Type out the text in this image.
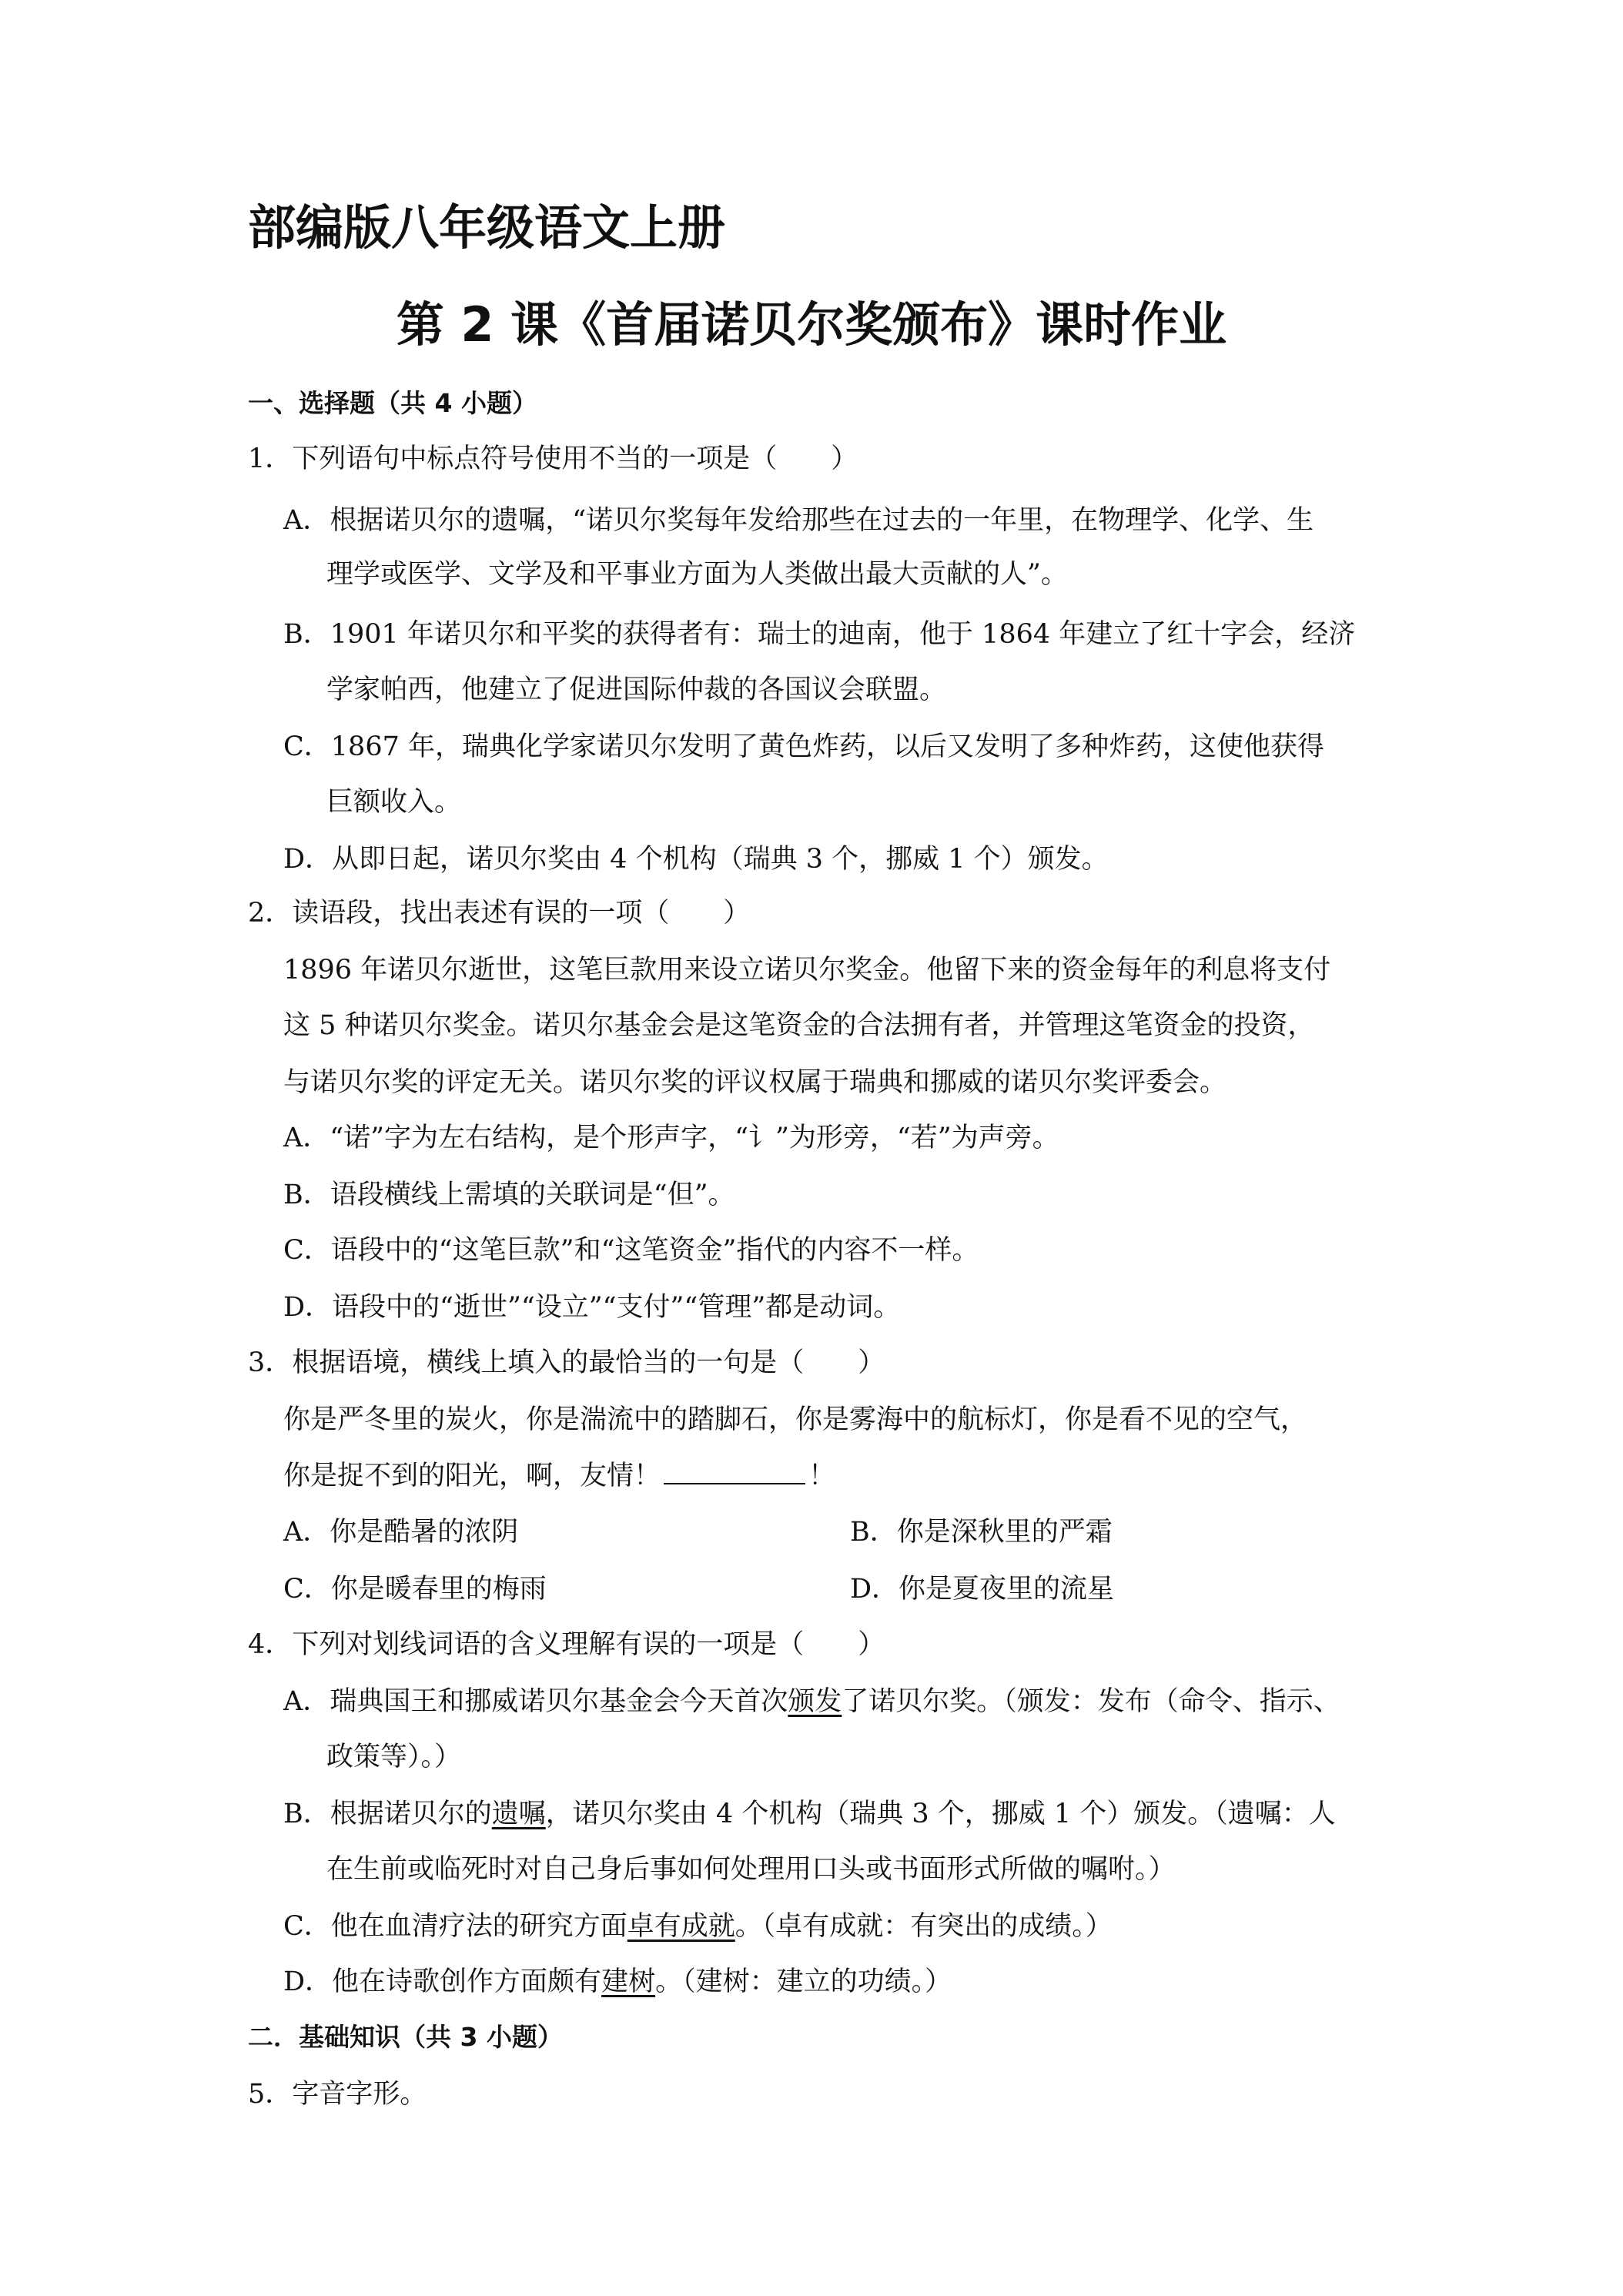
部编版八年级语文上册
第 2 课《首届诺贝尔奖颁布》课时作业
一、选择题（共 4 小题）
1．下列语句中标点符号使用不当的一项是（　　）
A．根据诺贝尔的遗嘱，“诺贝尔奖每年发给那些在过去的一年里，在物理学、化学、生
理学或医学、文学及和平事业方面为人类做出最大贡献的人”。
B．1901 年诺贝尔和平奖的获得者有：瑞士的迪南，他于 1864 年建立了红十字会，经济
学家帕西，他建立了促进国际仲裁的各国议会联盟。
C．1867 年，瑞典化学家诺贝尔发明了黄色炸药，以后又发明了多种炸药，这使他获得
巨额收入。
D．从即日起，诺贝尔奖由 4 个机构（瑞典 3 个，挪威 1 个）颁发。
2．读语段，找出表述有误的一项（　　）
1896 年诺贝尔逝世，这笔巨款用来设立诺贝尔奖金。他留下来的资金每年的利息将支付
这 5 种诺贝尔奖金。诺贝尔基金会是这笔资金的合法拥有者，并管理这笔资金的投资，
与诺贝尔奖的评定无关。诺贝尔奖的评议权属于瑞典和挪威的诺贝尔奖评委会。
A．“诺”字为左右结构，是个形声字，“讠”为形旁，“若”为声旁。
B．语段横线上需填的关联词是“但”。
C．语段中的“这笔巨款”和“这笔资金”指代的内容不一样。
D．语段中的“逝世”“设立”“支付”“管理”都是动词。
3．根据语境，横线上填入的最恰当的一句是（　　）
你是严冬里的炭火，你是湍流中的踏脚石，你是雾海中的航标灯，你是看不见的空气，
你是捉不到的阳光，啊，友情！	！
A．你是酷暑的浓阴	B．你是深秋里的严霜
C．你是暖春里的梅雨	D．你是夏夜里的流星
4．下列对划线词语的含义理解有误的一项是（　　）
A．瑞典国王和挪威诺贝尔基金会今天首次颁发了诺贝尔奖。（颁发：发布（命令、指示、
政策等）。）
B．根据诺贝尔的遗嘱，诺贝尔奖由 4 个机构（瑞典 3 个，挪威 1 个）颁发。（遗嘱：人
在生前或临死时对自己身后事如何处理用口头或书面形式所做的嘱咐。）
C．他在血清疗法的研究方面卓有成就。（卓有成就：有突出的成绩。）
D．他在诗歌创作方面颇有建树。（建树：建立的功绩。）
二．基础知识（共 3 小题）
5．字音字形。
